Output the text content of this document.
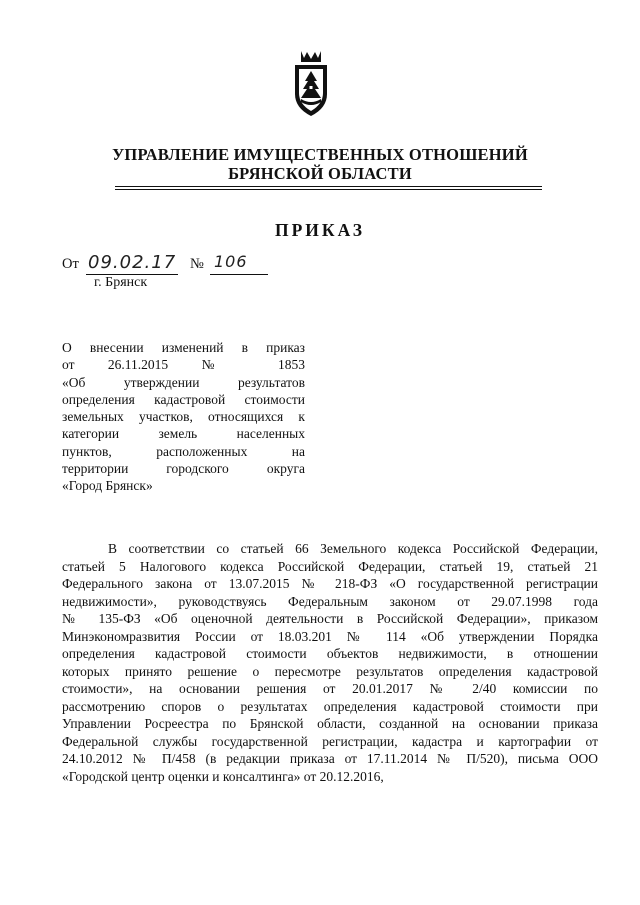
УПРАВЛЕНИЕ ИМУЩЕСТВЕННЫХ ОТНОШЕНИЙ
БРЯНСКОЙ ОБЛАСТИ
ПРИКАЗ
От 09.02.17 № 106
г. Брянск
О внесении изменений в приказ
от 26.11.2015 № 1853
«Об утверждении результатов
определения кадастровой стоимости
земельных участков, относящихся к
категории земель населенных
пунктов, расположенных на
территории городского округа
«Город Брянск»
В соответствии со статьей 66 Земельного кодекса Российской Федерации,
статьей 5 Налогового кодекса Российской Федерации, статьей 19, статьей 21
Федерального закона от 13.07.2015 № 218-ФЗ «О государственной регистрации
недвижимости», руководствуясь Федеральным законом от 29.07.1998 года
№ 135-ФЗ «Об оценочной деятельности в Российской Федерации», приказом
Минэкономразвития России от 18.03.201 № 114 «Об утверждении Порядка
определения кадастровой стоимости объектов недвижимости, в отношении
которых принято решение о пересмотре результатов определения кадастровой
стоимости», на основании решения от 20.01.2017 № 2/40 комиссии по
рассмотрению споров о результатах определения кадастровой стоимости при
Управлении Росреестра по Брянской области, созданной на основании приказа
Федеральной службы государственной регистрации, кадастра и картографии от
24.10.2012 № П/458 (в редакции приказа от 17.11.2014 № П/520), письма ООО
«Городской центр оценки и консалтинга» от 20.12.2016,
